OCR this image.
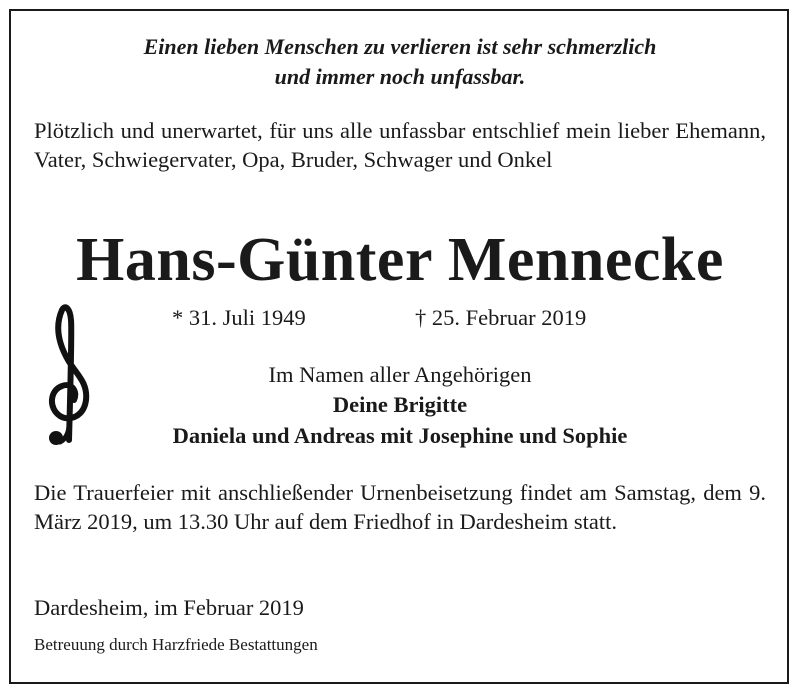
Einen lieben Menschen zu verlieren ist sehr schmerzlich
und immer noch unfassbar.
Plötzlich und unerwartet, für uns alle unfassbar entschlief mein lieber Ehemann, Vater, Schwiegervater, Opa, Bruder, Schwager und Onkel
Hans-Günter Mennecke
* 31. Juli 1949	† 25. Februar 2019
Im Namen aller Angehörigen
Deine Brigitte
Daniela und Andreas mit Josephine und Sophie
Die Trauerfeier mit anschließender Urnenbeisetzung findet am Samstag, dem 9. März 2019, um 13.30 Uhr auf dem Friedhof in Dardesheim statt.
Dardesheim, im Februar 2019
Betreuung durch Harzfriede Bestattungen
